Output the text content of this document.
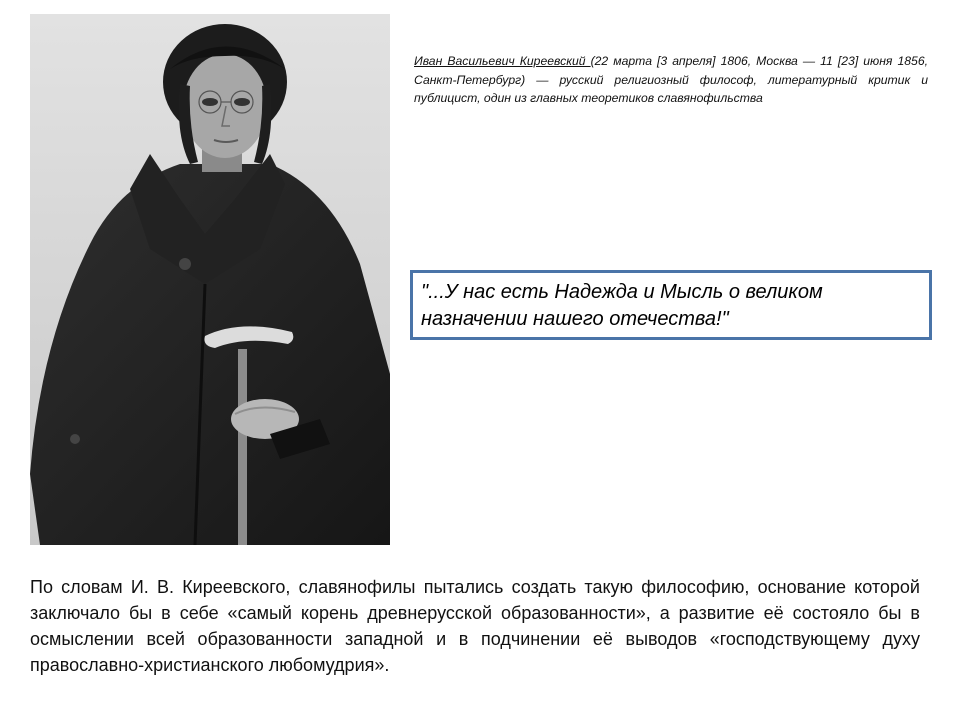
Иван Васильевич Киреевский (22 марта [3 апреля] 1806, Москва — 11 [23] июня 1856, Санкт-Петербург) — русский религиозный философ, литературный критик и публицист, один из главных теоретиков славянофильства
"...У нас есть Надежда и Мысль о великом назначении нашего отечества!"
По словам И. В. Киреевского, славянофилы пытались создать такую философию, основание которой заключало бы в себе «самый корень древнерусской образованности», а развитие её состояло бы в осмыслении всей образованности западной и в подчинении её выводов «господствующему духу православно-христианского любомудрия».
